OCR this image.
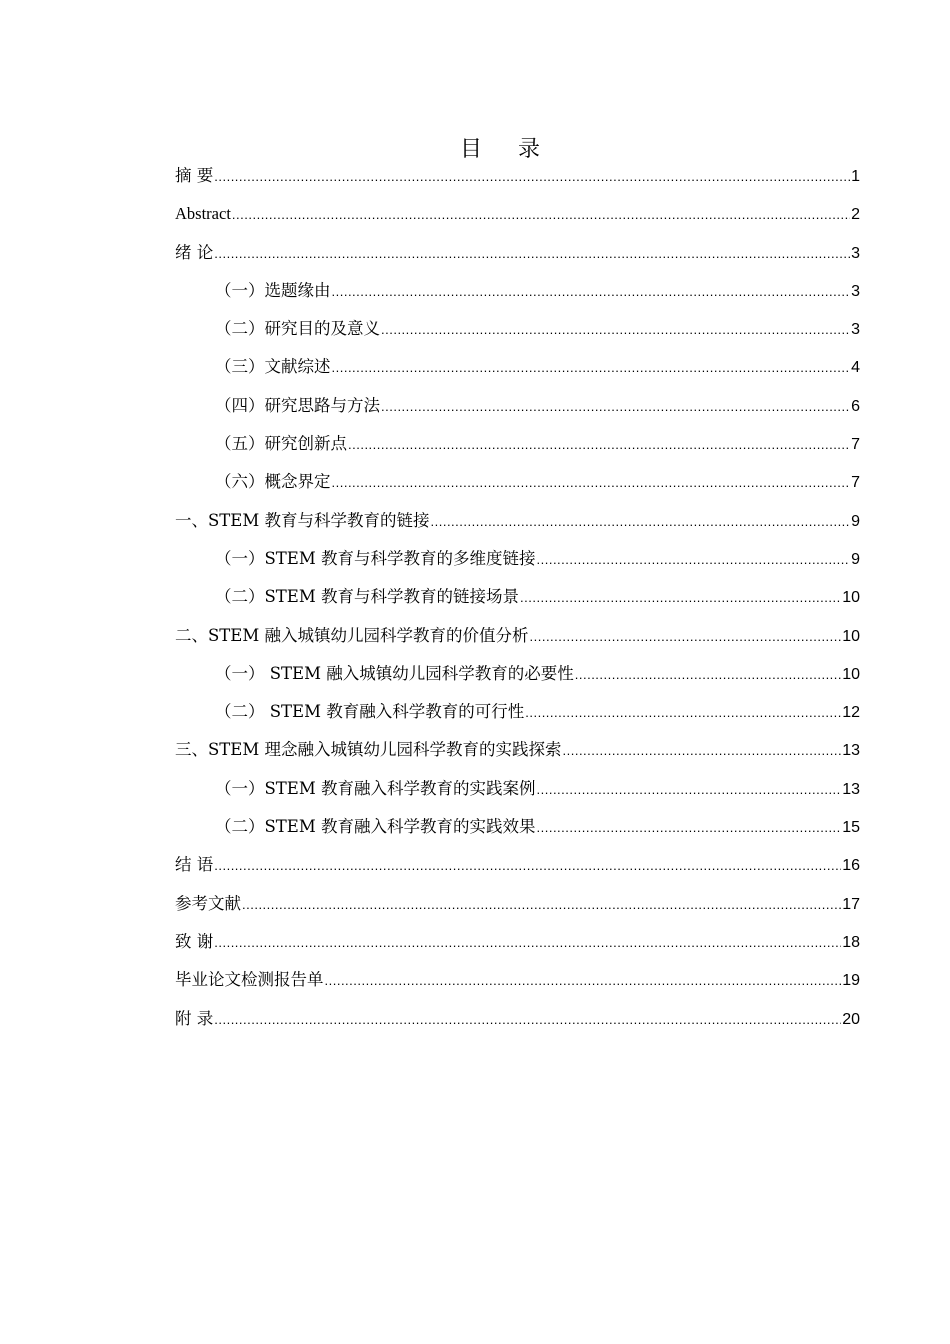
目 录
摘 要 .....	1
Abstract .....	2
绪 论 .....	3
（一）选题缘由 .....	3
（二）研究目的及意义 .....	3
（三）文献综述 .....	4
（四）研究思路与方法 .....	6
（五）研究创新点 .....	7
（六）概念界定 .....	7
一、STEM 教育与科学教育的链接 .....	9
（一）STEM 教育与科学教育的多维度链接 .....	9
（二）STEM 教育与科学教育的链接场景 .....	10
二、STEM 融入城镇幼儿园科学教育的价值分析 .....	10
（一） STEM 融入城镇幼儿园科学教育的必要性 .....	10
（二） STEM 教育融入科学教育的可行性 .....	12
三、STEM 理念融入城镇幼儿园科学教育的实践探索 .....	13
（一）STEM 教育融入科学教育的实践案例 .....	13
（二）STEM 教育融入科学教育的实践效果 .....	15
结 语 .....	16
参考文献 .....	17
致 谢 .....	18
毕业论文检测报告单 .....	19
附 录 .....	20
